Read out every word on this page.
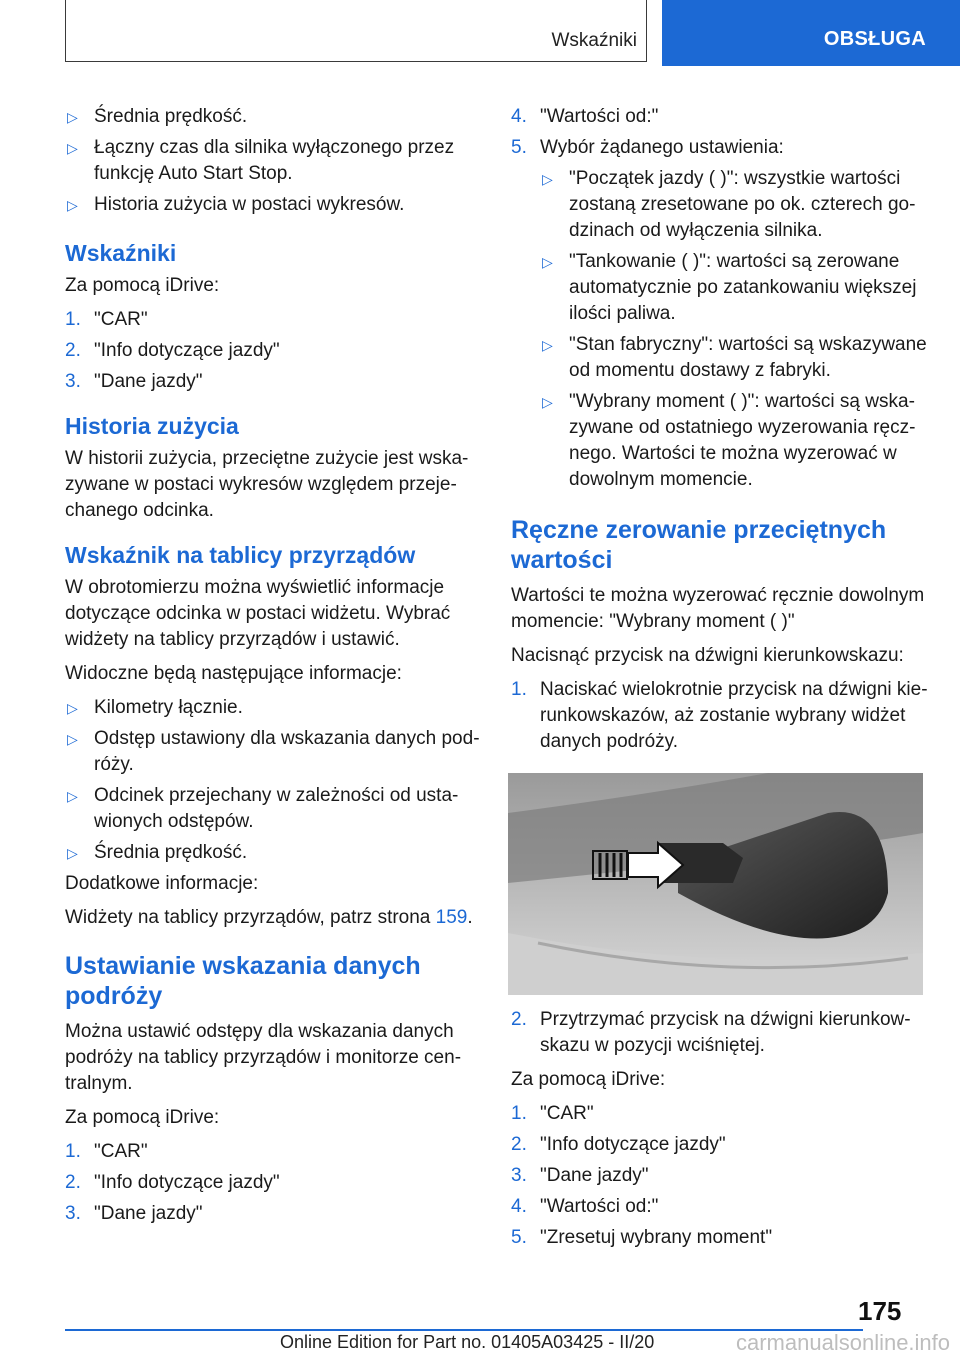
Wskaźniki	OBSŁUGA
▷ Średnia prędkość.
▷ Łączny czas dla silnika wyłączonego przez funkcję Auto Start Stop.
▷ Historia zużycia w postaci wykresów.
Wskaźniki

Za pomocą iDrive:

1. "CAR"
2. "Info dotyczące jazdy"
3. "Dane jazdy"
Historia zużycia

W historii zużycia, przeciętne zużycie jest wskazywane w postaci wykresów względem przejechanego odcinka.

Wskaźnik na tablicy przyrządów

W obrotomierzu można wyświetlić informacje dotyczące odcinka w postaci widżetu. Wybrać widżety na tablicy przyrządów i ustawić.

Widoczne będą następujące informacje:

▷ Kilometry łącznie.
▷ Odstęp ustawiony dla wskazania danych podróży.
▷ Odcinek przejechany w zależności od ustawionych odstępów.
▷ Średnia prędkość.

Dodatkowe informacje:

Widżety na tablicy przyrządów, patrz strona 159.

Ustawianie wskazania danych podróży

Można ustawić odstępy dla wskazania danych podróży na tablicy przyrządów i monitorze centralnym.

Za pomocą iDrive:

1. "CAR"
2. "Info dotyczące jazdy"
3. "Dane jazdy"
4. "Wartości od:"
5. Wybór żądanego ustawienia:
▷ "Początek jazdy ( )": wszystkie wartości zostaną zresetowane po ok. czterech godzinach od wyłączenia silnika.
▷ "Tankowanie ( )": wartości są zerowane automatycznie po zatankowaniu większej ilości paliwa.
▷ "Stan fabryczny": wartości są wskazywane od momentu dostawy z fabryki.
▷ "Wybrany moment ( )": wartości są wskazywane od ostatniego wyzerowania ręcznego. Wartości te można wyzerować w dowolnym momencie.
Ręczne zerowanie przeciętnych wartości

Wartości te można wyzerować ręcznie dowolnym momencie: "Wybrany moment ( )"

Nacisnąć przycisk na dźwigni kierunkowskazu:

1. Naciskać wielokrotnie przycisk na dźwigni kierunkowskazów, aż zostanie wybrany widżet danych podróży.
2. Przytrzymać przycisk na dźwigni kierunkowskazu w pozycji wciśniętej.

Za pomocą iDrive:

1. "CAR"
2. "Info dotyczące jazdy"
3. "Dane jazdy"
4. "Wartości od:"
5. "Zresetuj wybrany moment"
175
Online Edition for Part no. 01405A03425 - II/20	carmanualsonline.info
